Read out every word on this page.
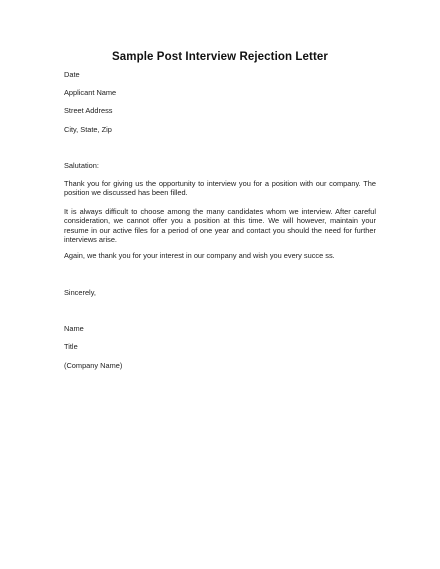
Sample Post Interview Rejection Letter
Date
Applicant Name
Street Address
City, State, Zip
Salutation:

Thank you for giving us the opportunity to interview you for a position with our company. The position we discussed has been filled.

It is always difficult to choose among the many candidates whom we interview. After careful consideration, we cannot offer you a position at this time. We will however, maintain your resume in our active files for a period of one year and contact you should the need for further interviews arise.

Again, we thank you for your interest in our company and wish you every succe ss.

Sincerely,
Name
Title
(Company Name)
